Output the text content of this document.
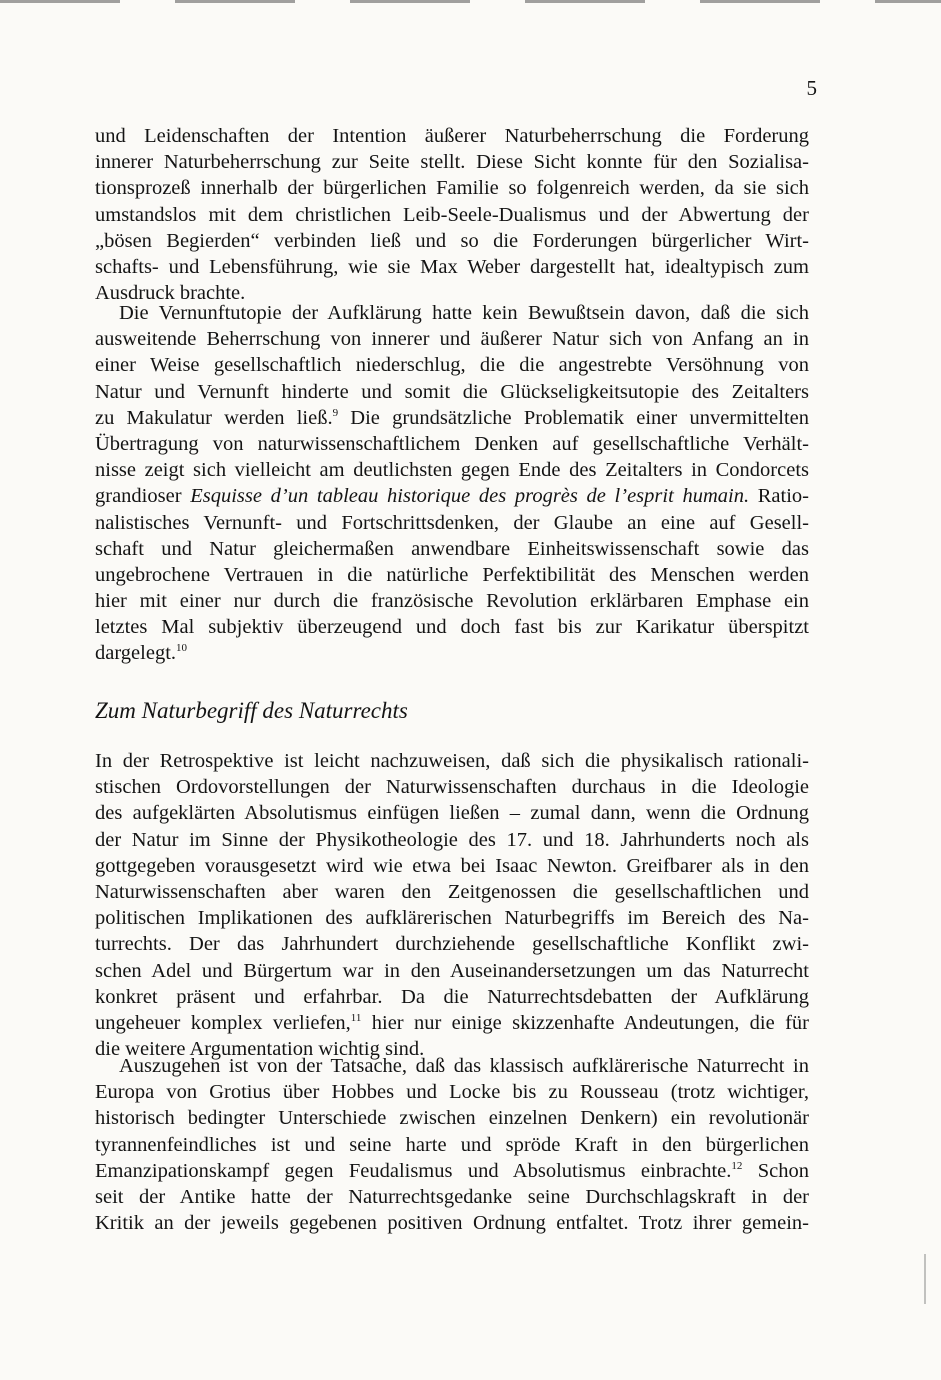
5
und Leidenschaften der Intention äußerer Naturbeherrschung die Forderung
innerer Naturbeherrschung zur Seite stellt. Diese Sicht konnte für den Sozialisa-
tionsprozeß innerhalb der bürgerlichen Familie so folgenreich werden, da sie sich
umstandslos mit dem christlichen Leib-Seele-Dualismus und der Abwertung der
„bösen Begierden“ verbinden ließ und so die Forderungen bürgerlicher Wirt-
schafts- und Lebensführung, wie sie Max Weber dargestellt hat, idealtypisch zum
Ausdruck brachte.
Die Vernunftutopie der Aufklärung hatte kein Bewußtsein davon, daß die sich
ausweitende Beherrschung von innerer und äußerer Natur sich von Anfang an in
einer Weise gesellschaftlich niederschlug, die die angestrebte Versöhnung von
Natur und Vernunft hinderte und somit die Glückseligkeitsutopie des Zeitalters
zu Makulatur werden ließ.$^9$ Die grundsätzliche Problematik einer unvermittelten
Übertragung von naturwissenschaftlichem Denken auf gesellschaftliche Verhält-
nisse zeigt sich vielleicht am deutlichsten gegen Ende des Zeitalters in Condorcets
grandioser Esquisse d’un tableau historique des progrès de l’esprit humain. Ratio-
nalistisches Vernunft- und Fortschrittsdenken, der Glaube an eine auf Gesell-
schaft und Natur gleichermaßen anwendbare Einheitswissenschaft sowie das
ungebrochene Vertrauen in die natürliche Perfektibilität des Menschen werden
hier mit einer nur durch die französische Revolution erklärbaren Emphase ein
letztes Mal subjektiv überzeugend und doch fast bis zur Karikatur überspitzt
dargelegt.$^{10}$
Zum Naturbegriff des Naturrechts
In der Retrospektive ist leicht nachzuweisen, daß sich die physikalisch rationali-
stischen Ordovorstellungen der Naturwissenschaften durchaus in die Ideologie
des aufgeklärten Absolutismus einfügen ließen – zumal dann, wenn die Ordnung
der Natur im Sinne der Physikotheologie des 17. und 18. Jahrhunderts noch als
gottgegeben vorausgesetzt wird wie etwa bei Isaac Newton. Greifbarer als in den
Naturwissenschaften aber waren den Zeitgenossen die gesellschaftlichen und
politischen Implikationen des aufklärerischen Naturbegriffs im Bereich des Na-
turrechts. Der das Jahrhundert durchziehende gesellschaftliche Konflikt zwi-
schen Adel und Bürgertum war in den Auseinandersetzungen um das Naturrecht
konkret präsent und erfahrbar. Da die Naturrechtsdebatten der Aufklärung
ungeheuer komplex verliefen,$^{11}$ hier nur einige skizzenhafte Andeutungen, die für
die weitere Argumentation wichtig sind.
Auszugehen ist von der Tatsache, daß das klassisch aufklärerische Naturrecht in
Europa von Grotius über Hobbes und Locke bis zu Rousseau (trotz wichtiger,
historisch bedingter Unterschiede zwischen einzelnen Denkern) ein revolutionär
tyrannenfeindliches ist und seine harte und spröde Kraft in den bürgerlichen
Emanzipationskampf gegen Feudalismus und Absolutismus einbrachte.$^{12}$ Schon
seit der Antike hatte der Naturrechtsgedanke seine Durchschlagskraft in der
Kritik an der jeweils gegebenen positiven Ordnung entfaltet. Trotz ihrer gemein-
